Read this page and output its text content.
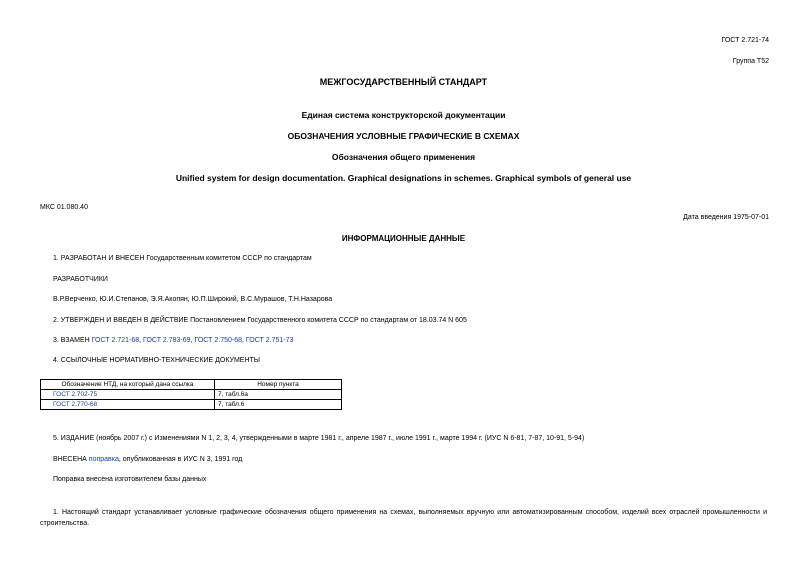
ГОСТ 2.721-74
Группа Т52
МЕЖГОСУДАРСТВЕННЫЙ СТАНДАРТ
Единая система конструкторской документации
ОБОЗНАЧЕНИЯ УСЛОВНЫЕ ГРАФИЧЕСКИЕ В СХЕМАХ
Обозначения общего применения
Unified system for design documentation. Graphical designations in schemes. Graphical symbols of general use
МКС 01.080.40
Дата введения 1975-07-01
ИНФОРМАЦИОННЫЕ ДАННЫЕ
1. РАЗРАБОТАН И ВНЕСЕН Государственным комитетом СССР по стандартам
РАЗРАБОТЧИКИ
В.Р.Верченко, Ю.И.Степанов, Э.Я.Акопян, Ю.П.Широкий, В.С.Мурашов, Т.Н.Назарова
2. УТВЕРЖДЕН И ВВЕДЕН В ДЕЙСТВИЕ Постановлением Государственного комитета СССР по стандартам от 18.03.74 N 605
3. ВЗАМЕН ГОСТ 2.721-68, ГОСТ 2.783-69, ГОСТ 2.750-68, ГОСТ 2.751-73
4. ССЫЛОЧНЫЕ НОРМАТИВНО-ТЕХНИЧЕСКИЕ ДОКУМЕНТЫ
Обозначение НТД, на который дана ссылка	Номер пункта
ГОСТ 2.702-75	7, табл.6а
ГОСТ 2.770-68	7, табл.6
5. ИЗДАНИЕ (ноябрь 2007 г.) с Изменениями N 1, 2, 3, 4, утвержденными в марте 1981 г., апреле 1987 г., июле 1991 г., марте 1994 г. (ИУС N 6-81, 7-87, 10-91, 5-94)
ВНЕСЕНА поправка, опубликованная в ИУС N 3, 1991 год
Поправка внесена изготовителем базы данных
1. Настоящий стандарт устанавливает условные графические обозначения общего применения на схемах, выполняемых вручную или автоматизированным способом, изделий всех отраслей промышленности и строительства.
